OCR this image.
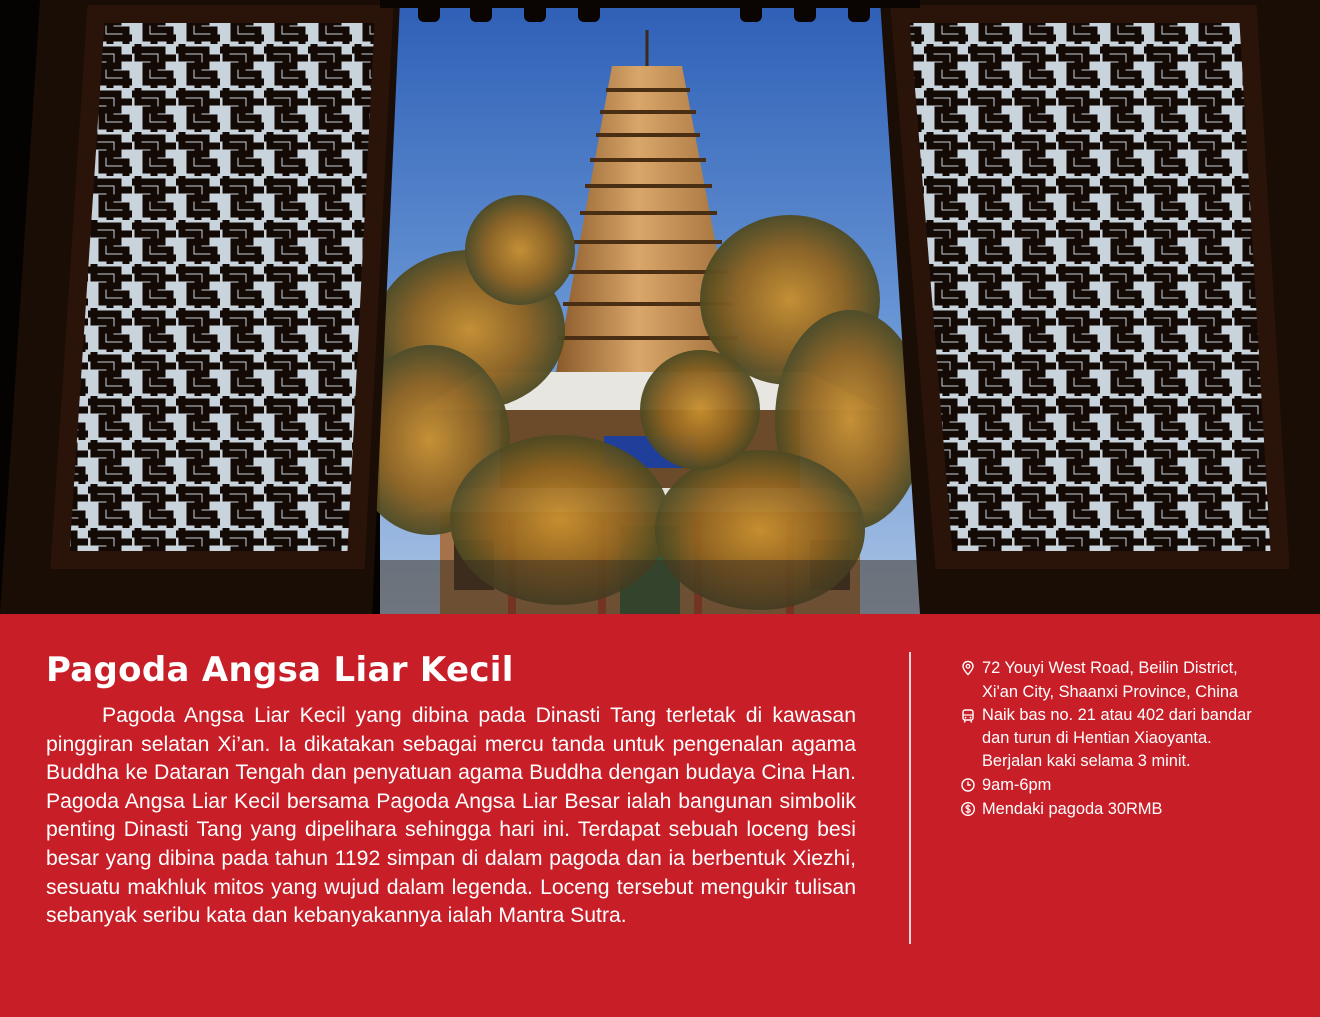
Pagoda Angsa Liar Kecil

Pagoda Angsa Liar Kecil yang dibina pada Dinasti Tang terletak di kawasan pinggiran selatan Xi’an. Ia dikatakan sebagai mercu tanda untuk pengenalan agama Buddha ke Dataran Tengah dan penyatuan agama Buddha dengan budaya Cina Han. Pagoda Angsa Liar Kecil bersama Pagoda Angsa Liar Besar ialah bangunan simbolik penting Dinasti Tang yang dipelihara sehingga hari ini. Terdapat sebuah loceng besi besar yang dibina pada tahun 1192 simpan di dalam pagoda dan ia berbentuk Xiezhi, sesuatu makhluk mitos yang wujud dalam legenda. Loceng tersebut mengukir tulisan sebanyak seribu kata dan kebanyakannya ialah Mantra Sutra.

72 Youyi West Road, Beilin District,
Xi'an City, Shaanxi Province, China
Naik bas no. 21 atau 402 dari bandar
dan turun di Hentian Xiaoyanta.
Berjalan kaki selama 3 minit.
9am-6pm
Mendaki pagoda 30RMB
